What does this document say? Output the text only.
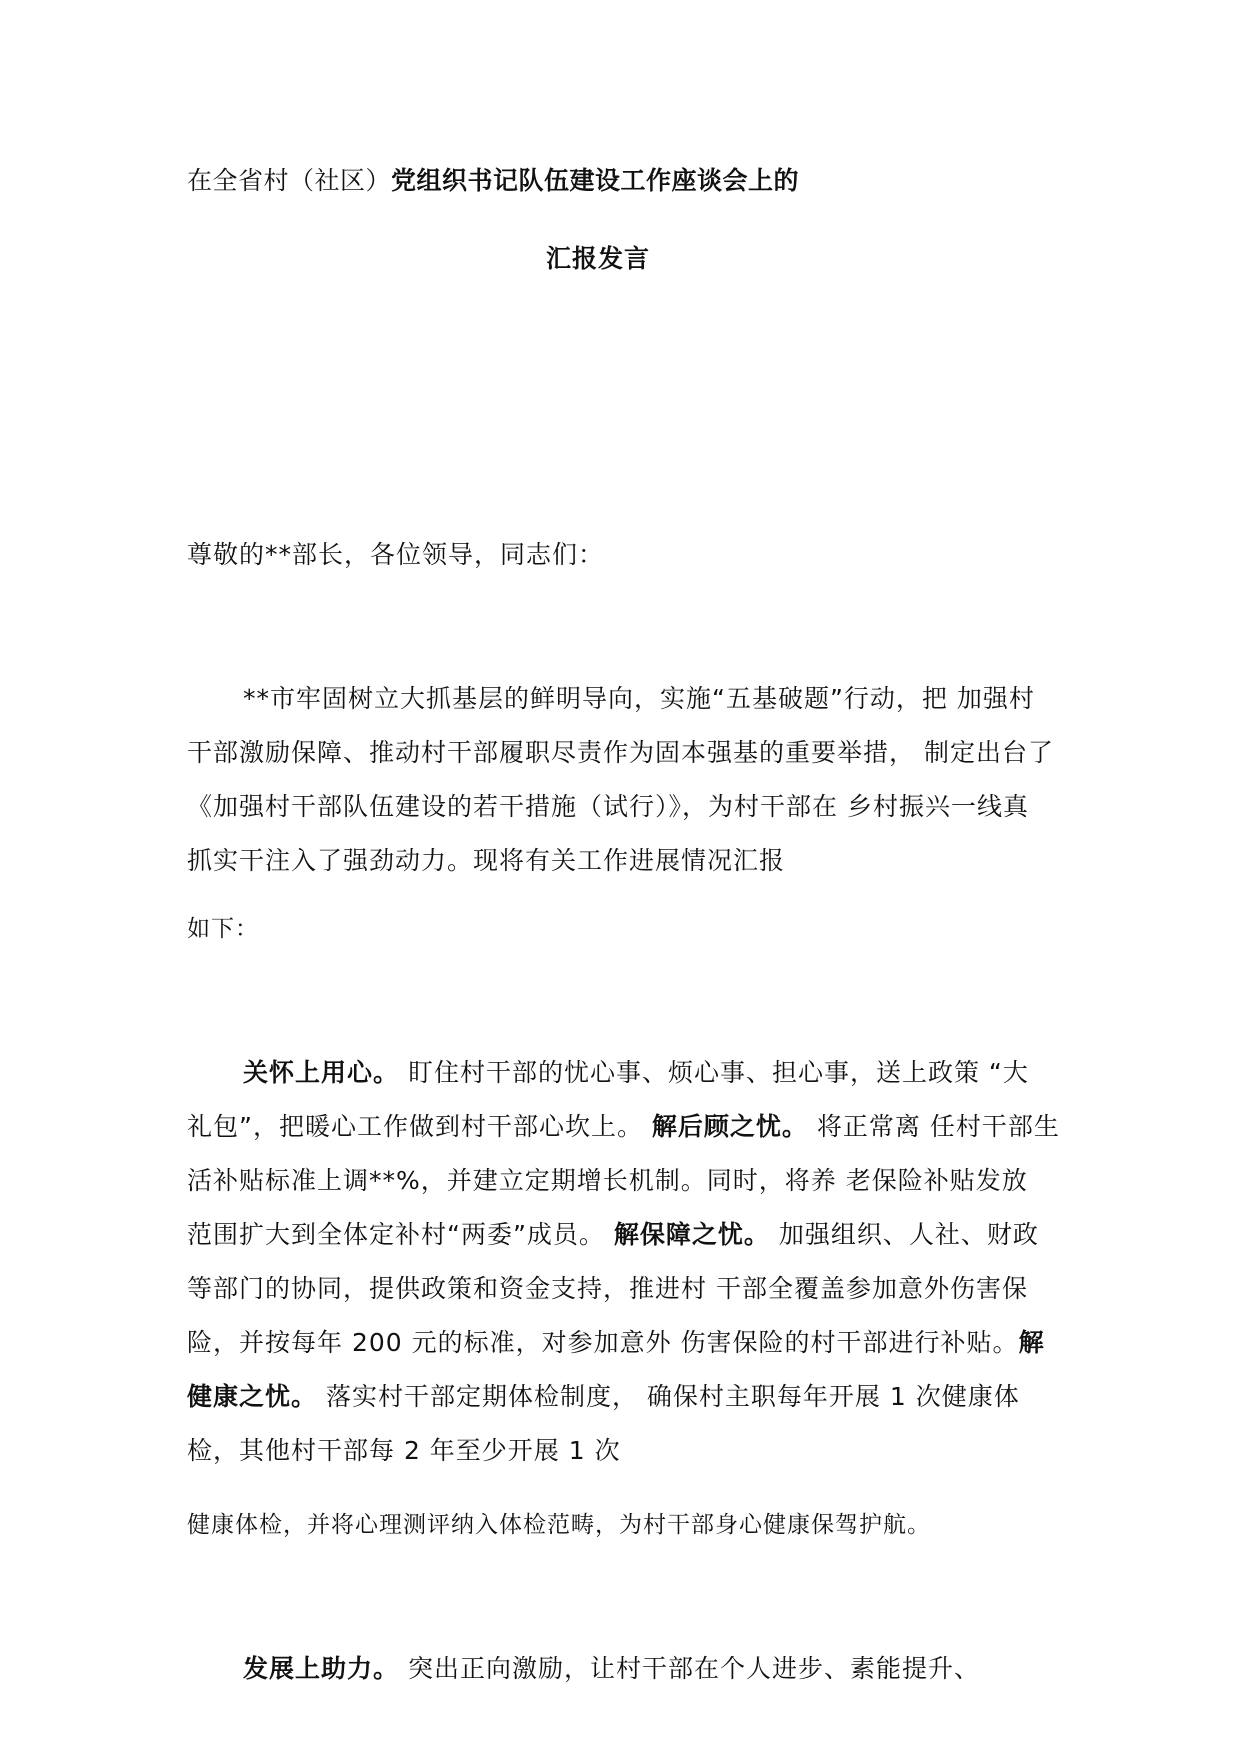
在全省村（社区）党组织书记队伍建设工作座谈会上的
汇报发言
尊敬的**部长，各位领导，同志们：
**市牢固树立大抓基层的鲜明导向，实施“五基破题”行动，把 加强村
干部激励保障、推动村干部履职尽责作为固本强基的重要举措， 制定出台了
《加强村干部队伍建设的若干措施（试行）》，为村干部在 乡村振兴一线真
抓实干注入了强劲动力。现将有关工作进展情况汇报
如下：
关怀上用心。 盯住村干部的忧心事、烦心事、担心事，送上政策 “大
礼包”，把暖心工作做到村干部心坎上。 解后顾之忧。 将正常离 任村干部生
活补贴标准上调**%，并建立定期增长机制。同时，将养 老保险补贴发放
范围扩大到全体定补村“两委”成员。 解保障之忧。 加强组织、人社、财政
等部门的协同，提供政策和资金支持，推进村 干部全覆盖参加意外伤害保
险，并按每年 200 元的标准，对参加意外 伤害保险的村干部进行补贴。解
健康之忧。 落实村干部定期体检制度， 确保村主职每年开展 1 次健康体
检，其他村干部每 2 年至少开展 1 次
健康体检，并将心理测评纳入体检范畴，为村干部身心健康保驾护航。
发展上助力。 突出正向激励，让村干部在个人进步、素能提升、
